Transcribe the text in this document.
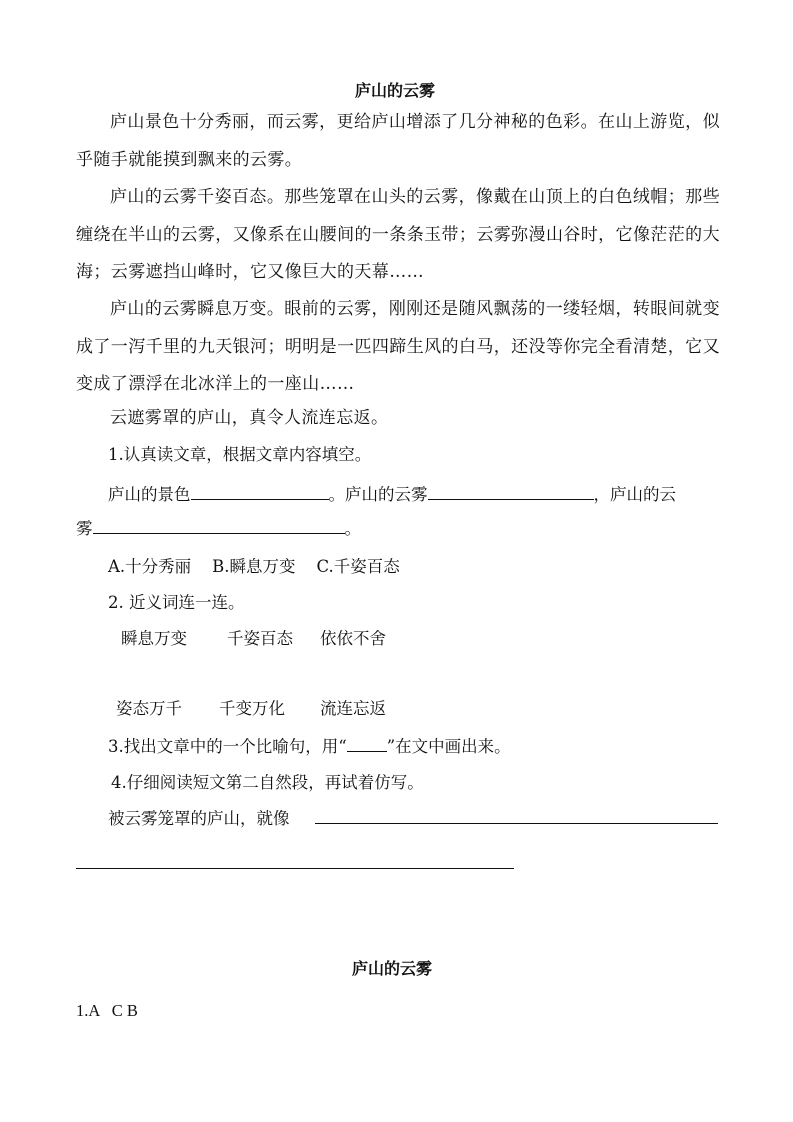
庐山的云雾
庐山景色十分秀丽，而云雾，更给庐山增添了几分神秘的色彩。在山上游览，似乎随手就能摸到飘来的云雾。
庐山的云雾千姿百态。那些笼罩在山头的云雾，像戴在山顶上的白色绒帽；那些缠绕在半山的云雾，又像系在山腰间的一条条玉带；云雾弥漫山谷时，它像茫茫的大海；云雾遮挡山峰时，它又像巨大的天幕……
庐山的云雾瞬息万变。眼前的云雾，刚刚还是随风飘荡的一缕轻烟，转眼间就变成了一泻千里的九天银河；明明是一匹四蹄生风的白马，还没等你完全看清楚，它又变成了漂浮在北冰洋上的一座山……
云遮雾罩的庐山，真令人流连忘返。
1.认真读文章，根据文章内容填空。
庐山的景色	。庐山的云雾	，庐山的云
雾	。
A.十分秀丽    B.瞬息万变    C.千姿百态
2. 近义词连一连。
瞬息万变 千姿百态 依依不舍
姿态万千 千变万化 流连忘返
3.找出文章中的一个比喻句，用“ ”在文中画出来。
4.仔细阅读短文第二自然段，再试着仿写。
被云雾笼罩的庐山，就像
庐山的云雾
1.A   C B
